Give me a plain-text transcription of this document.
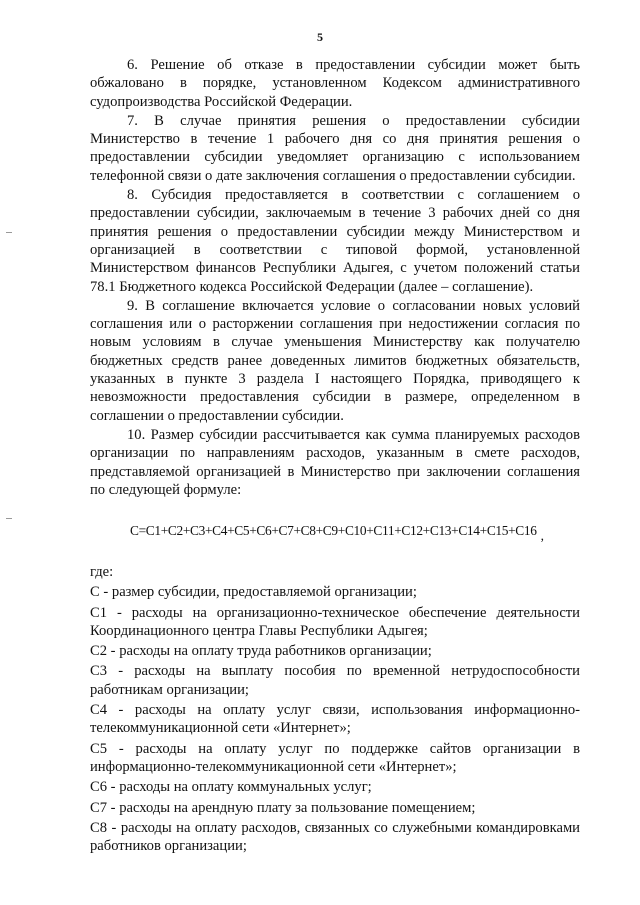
5

6. Решение об отказе в предоставлении субсидии может быть обжаловано в порядке, установленном Кодексом административного судопроизводства Российской Федерации.

7. В случае принятия решения о предоставлении субсидии Министерство в течение 1 рабочего дня со дня принятия решения о предоставлении субсидии уведомляет организацию с использованием телефонной связи о дате заключения соглашения о предоставлении субсидии.

8. Субсидия предоставляется в соответствии с соглашением о предоставлении субсидии, заключаемым в течение 3 рабочих дней со дня принятия решения о предоставлении субсидии между Министерством и организацией в соответствии с типовой формой, установленной Министерством финансов Республики Адыгея, с учетом положений статьи 78.1 Бюджетного кодекса Российской Федерации (далее – соглашение).

9. В соглашение включается условие о согласовании новых условий соглашения или о расторжении соглашения при недостижении согласия по новым условиям в случае уменьшения Министерству как получателю бюджетных средств ранее доведенных лимитов бюджетных обязательств, указанных в пункте 3 раздела I настоящего Порядка, приводящего к невозможности предоставления субсидии в размере, определенном в соглашении о предоставлении субсидии.

10. Размер субсидии рассчитывается как сумма планируемых расходов организации по направлениям расходов, указанным в смете расходов, представляемой организацией в Министерство при заключении соглашения по следующей формуле:

C=C1+C2+C3+C4+C5+C6+C7+C8+C9+C10+C11+C12+C13+C14+C15+C16 ,

где:

C - размер субсидии, предоставляемой организации;

C1 - расходы на организационно-техническое обеспечение деятельности Координационного центра Главы Республики Адыгея;

C2 - расходы на оплату труда работников организации;

C3 - расходы на выплату пособия по временной нетрудоспособности работникам организации;

C4 - расходы на оплату услуг связи, использования информационно-телекоммуникационной сети «Интернет»;

C5 - расходы на оплату услуг по поддержке сайтов организации в информационно-телекоммуникационной сети «Интернет»;

C6 - расходы на оплату коммунальных услуг;

C7 - расходы на арендную плату за пользование помещением;

C8 - расходы на оплату расходов, связанных со служебными командировками работников организации;
